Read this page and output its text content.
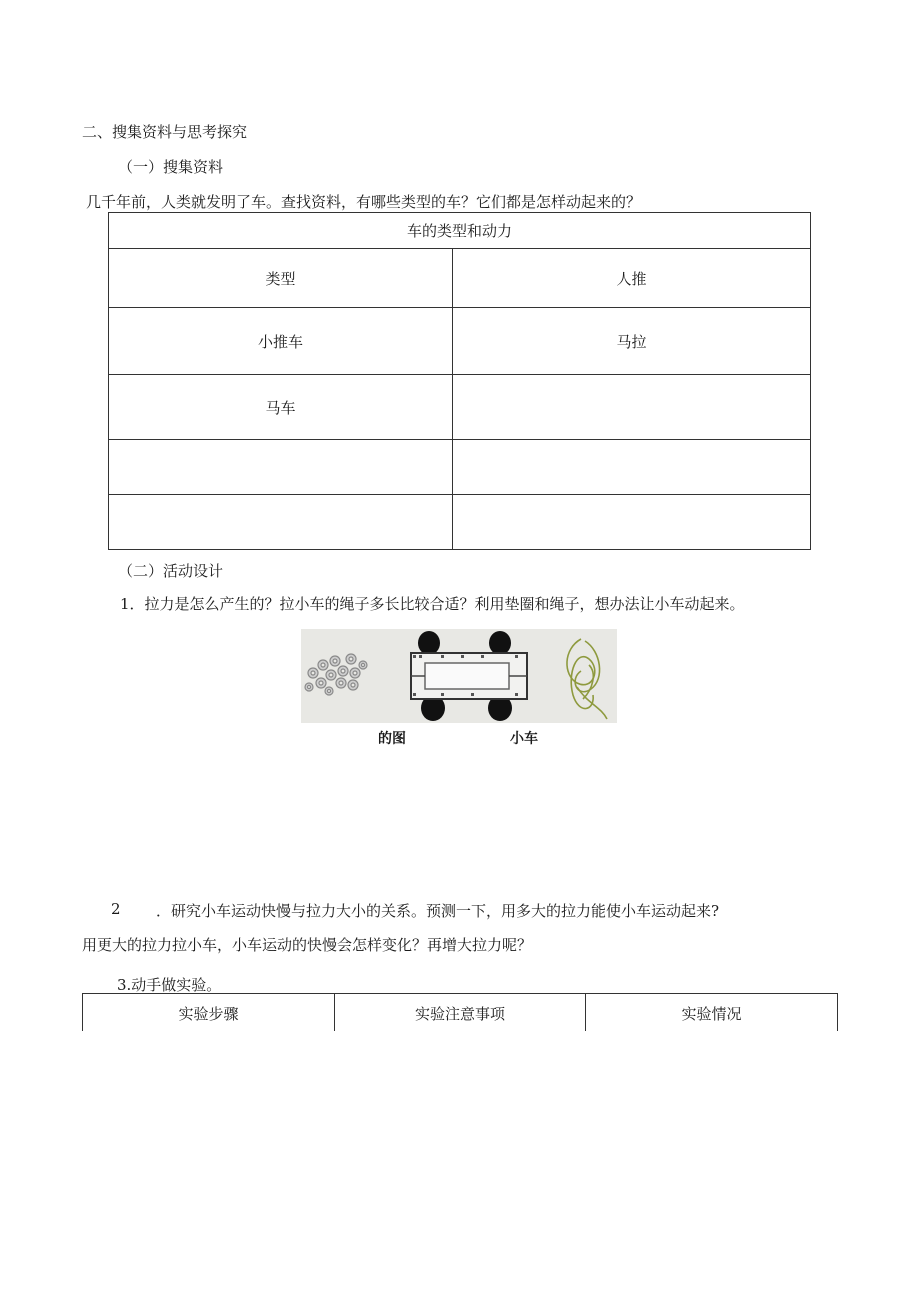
二、搜集资料与思考探究
（一）搜集资料
几千年前，人类就发明了车。查找资料，有哪些类型的车？它们都是怎样动起来的？
车的类型和动力	
类型	人推
小推车	马拉
马车	

（二）活动设计
1．拉力是怎么产生的？拉小车的绳子多长比较合适？利用垫圈和绳子，想办法让小车动起来。
的图	小车
2 ．研究小车运动快慢与拉力大小的关系。预测一下，用多大的拉力能使小车运动起来?
用更大的拉力拉小车，小车运动的快慢会怎样变化？再增大拉力呢？
3.动手做实验。
实验步骤	实验注意事项	实验情况
